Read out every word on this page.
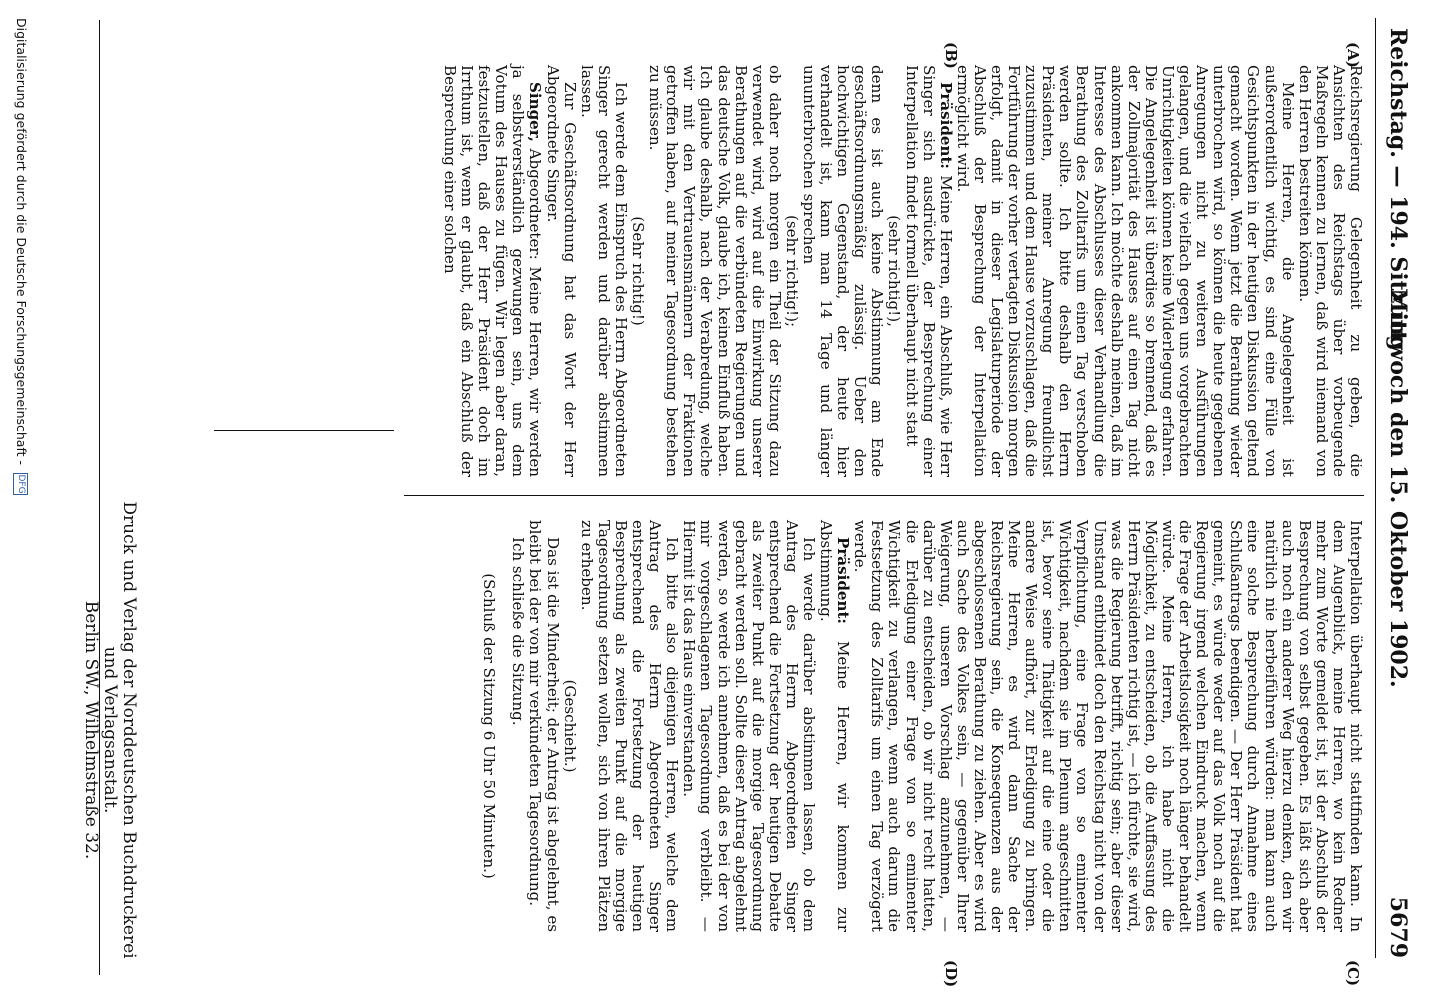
Reichstag. — 194. Sitzung.
Mittwoch den 15. Oktober 1902.
5679
(A)
(B)
(C)
(D)

Reichsregierung Gelegenheit zu geben, die Ansichten des Reichstags über vorbeugende Maßregeln kennen zu lernen, daß wird niemand von den Herren bestreiten können.

Meine Herren, die Angelegenheit ist außerordentlich wichtig, es sind eine Fülle von Gesichtspunkten in der heutigen Diskussion geltend gemacht worden. Wenn jetzt die Berathung wieder unterbrochen wird, so können die heute gegebenen Anregungen nicht zu weiteren Ausführungen gelangen, und die vielfach gegen uns vorgebrachten Unrichtigkeiten können keine Widerlegung erfahren. Die Angelegenheit ist überdies so brennend, daß es der Zollmajorität des Hauses auf einen Tag nicht ankommen kann. Ich möchte deshalb meinen, daß im Interesse des Abschlusses dieser Verhandlung die Berathung des Zolltarifs um einen Tag verschoben werden sollte. Ich bitte deshalb den Herrn Präsidenten, meiner Anregung freundlichst zuzustimmen und dem Hause vorzuschlagen, daß die Fortführung der vorher vertagten Diskussion morgen erfolgt, damit in dieser Legislaturperiode der Abschluß der Besprechung der Interpellation ermöglicht wird.

Präsident: Meine Herren, ein Abschluß, wie Herr Singer sich ausdrückte, der Besprechung einer Interpellation findet formell überhaupt nicht statt

(sehr richtig!),

denn es ist auch keine Abstimmung am Ende geschäftsordnungsmäßig zulässig. Ueber den hochwichtigen Gegenstand, der heute hier verhandelt ist, kann man 14 Tage und länger ununterbrochen sprechen

(sehr richtig!);

ob daher noch morgen ein Theil der Sitzung dazu verwendet wird, wird auf die Einwirkung unserer Berathungen auf die verbündeten Regierungen und das deutsche Volk, glaube ich, keinen Einfluß haben. Ich glaube deshalb, nach der Verabredung, welche wir mit den Vertrauensmännern der Fraktionen getroffen haben, auf meiner Tagesordnung bestehen zu müssen.

(Sehr richtig!)

Ich werde dem Einspruch des Herrn Abgeordneten Singer gerecht werden und darüber abstimmen lassen.

Zur Geschäftsordnung hat das Wort der Herr Abgeordnete Singer.

Singer, Abgeordneter: Meine Herren, wir werden ja selbstverständlich gezwungen sein, uns dem Votum des Hauses zu fügen. Wir legen aber daran, festzustellen, daß der Herr Präsident doch im Irrthum ist, wenn er glaubt, daß ein Abschluß der Besprechung einer solchen

Interpellation überhaupt nicht stattfinden kann. In dem Augenblick, meine Herren, wo kein Redner mehr zum Worte gemeldet ist, ist der Abschluß der Besprechung von selbst gegeben. Es läßt sich aber auch noch ein anderer Weg hierzu denken, den wir natürlich nie herbeiführen würden: man kann auch eine solche Besprechung durch Annahme eines Schlußantrags beendigen. — Der Herr Präsident hat gemeint, es würde weder auf das Volk noch auf die Regierung irgend welchen Eindruck machen, wenn die Frage der Arbeitslosigkeit noch länger behandelt würde. Meine Herren, ich habe nicht die Möglichkeit, zu entscheiden, ob die Auffassung des Herrn Präsidenten richtig ist, — ich fürchte, sie wird, was die Regierung betrifft, richtig sein; aber dieser Umstand entbindet doch den Reichstag nicht von der Verpflichtung, eine Frage von so eminenter Wichtigkeit, nachdem sie im Plenum angeschnitten ist, bevor seine Thätigkeit auf die eine oder die andere Weise aufhört, zur Erledigung zu bringen. Meine Herren, es wird dann Sache der Reichsregierung sein, die Konsequenzen aus der abgeschlossenen Berathung zu ziehen. Aber es wird auch Sache des Volkes sein, — gegenüber Ihrer Weigerung, unseren Vorschlag anzunehmen, — darüber zu entscheiden, ob wir nicht recht hatten, die Erledigung einer Frage von so eminenter Wichtigkeit zu verlangen, wenn auch darum die Festsetzung des Zolltarifs um einen Tag verzögert werde.

Präsident: Meine Herren, wir kommen zur Abstimmung.

Ich werde darüber abstimmen lassen, ob dem Antrag des Herrn Abgeordneten Singer entsprechend die Fortsetzung der heutigen Debatte als zweiter Punkt auf die morgige Tagesordnung gebracht werden soll. Sollte dieser Antrag abgelehnt werden, so werde ich annehmen, daß es bei der von mir vorgeschlagenen Tagesordnung verbleibt. — Hiermit ist das Haus einverstanden.

Ich bitte also diejenigen Herren, welche dem Antrag des Herrn Abgeordneten Singer entsprechend die Fortsetzung der heutigen Besprechung als zweiten Punkt auf die morgige Tagesordnung setzen wollen, sich von ihren Plätzen zu erheben.

(Geschieht.)

Das ist die Minderheit; der Antrag ist abgelehnt, es bleibt bei der von mir verkündeten Tagesordnung.

Ich schließe die Sitzung.

(Schluß der Sitzung 6 Uhr 50 Minuten.)

Druck und Verlag der Norddeutschen Buchdruckerei und Verlagsanstalt.
Berlin SW., Wilhelmstraße 32.
Digitalisierung gefördert durch die Deutsche Forschungsgemeinschaft - DFG
